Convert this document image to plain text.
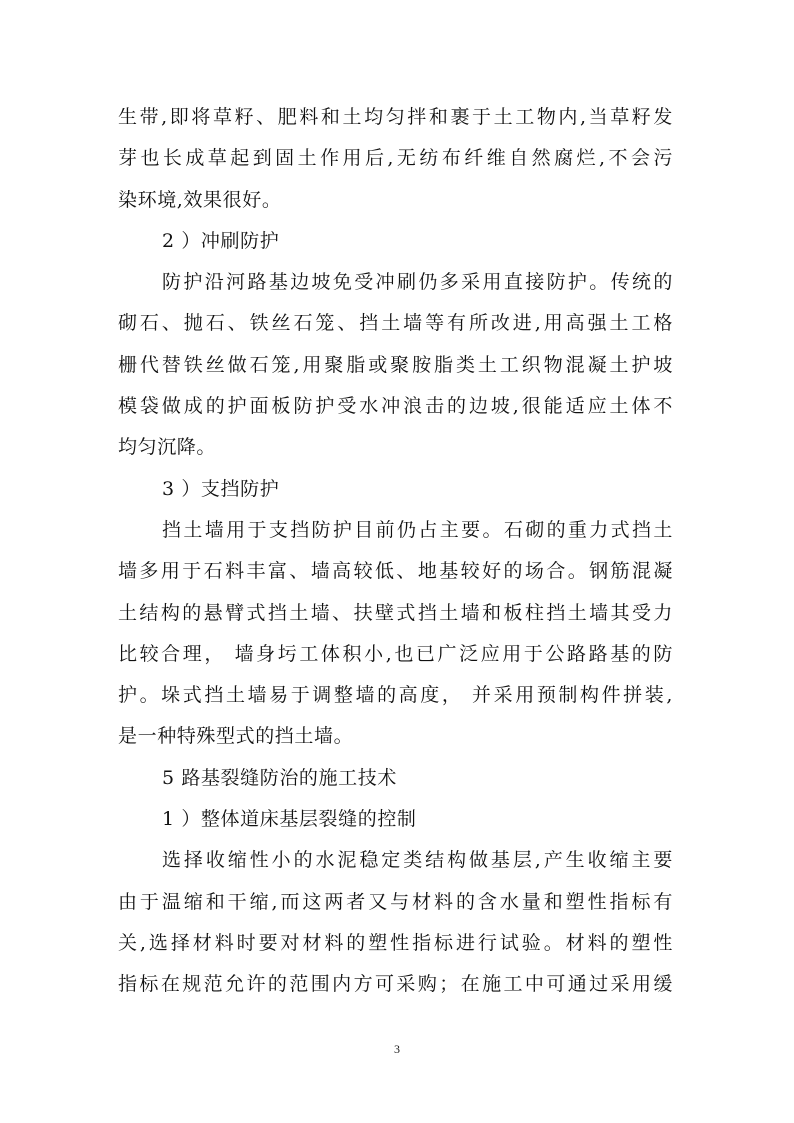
生带,即将草籽、肥料和土均匀拌和裹于土工物内,当草籽发
芽也长成草起到固土作用后,无纺布纤维自然腐烂,不会污
染环境,效果很好。
2 ）冲刷防护
防护沿河路基边坡免受冲刷仍多采用直接防护。传统的
砌石、抛石、铁丝石笼、挡土墙等有所改进,用高强土工格
栅代替铁丝做石笼,用聚脂或聚胺脂类土工织物混凝土护坡
模袋做成的护面板防护受水冲浪击的边坡,很能适应土体不
均匀沉降。
3 ）支挡防护
挡土墙用于支挡防护目前仍占主要。石砌的重力式挡土
墙多用于石料丰富、墙高较低、地基较好的场合。钢筋混凝
土结构的悬臂式挡土墙、扶壁式挡土墙和板柱挡土墙其受力
比较合理， 墙身圬工体积小,也已广泛应用于公路路基的防
护。垛式挡土墙易于调整墙的高度， 并采用预制构件拼装,
是一种特殊型式的挡土墙。
5 路基裂缝防治的施工技术
1 ）整体道床基层裂缝的控制
选择收缩性小的水泥稳定类结构做基层,产生收缩主要
由于温缩和干缩,而这两者又与材料的含水量和塑性指标有
关,选择材料时要对材料的塑性指标进行试验。材料的塑性
指标在规范允许的范围内方可采购；在施工中可通过采用缓
3
